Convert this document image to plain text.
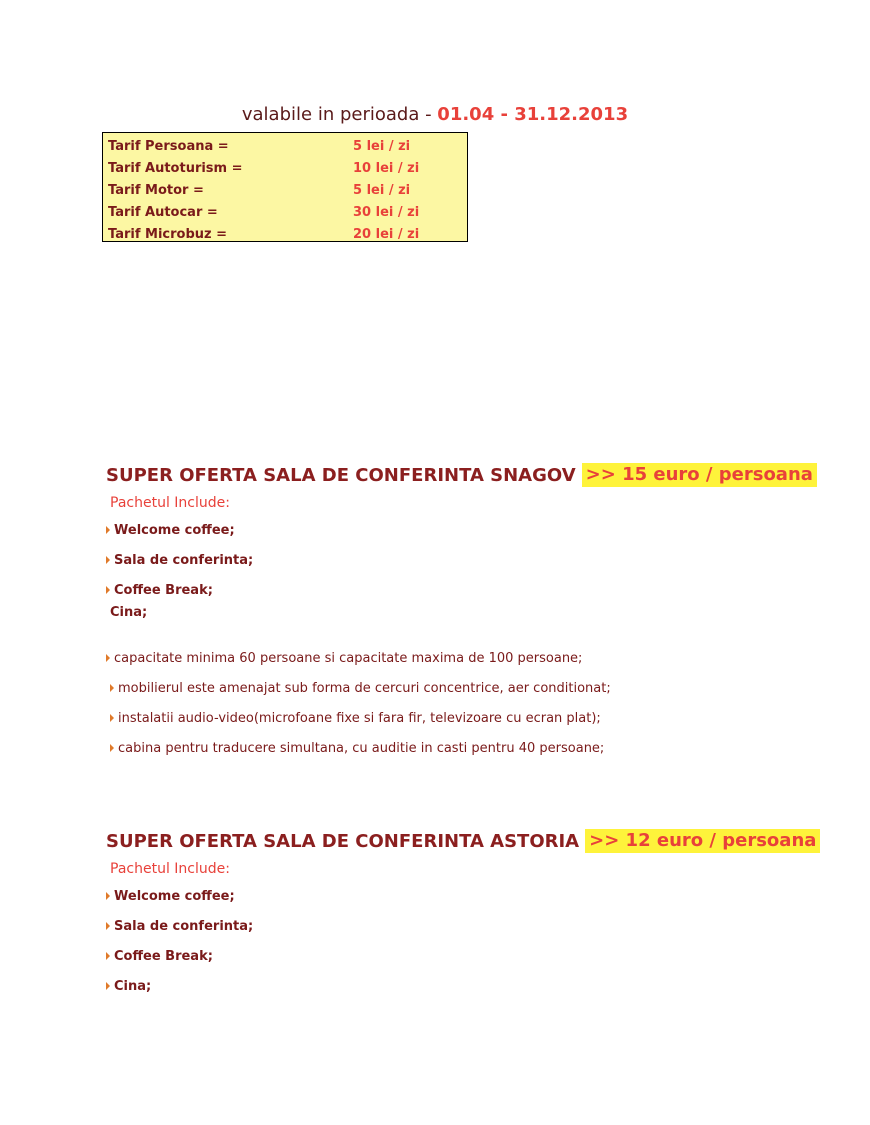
valabile in perioada - 01.04 - 31.12.2013
Tarif Persoana =	5 lei / zi
Tarif Autoturism =	10 lei / zi
Tarif Motor =	5 lei / zi
Tarif Autocar =	30 lei / zi
Tarif Microbuz =	20 lei / zi
SUPER OFERTA SALA DE CONFERINTA SNAGOV >> 15 euro / persoana
Pachetul Include:
Welcome coffee;
Sala de conferinta;
Coffee Break;
Cina;
capacitate minima 60 persoane si capacitate maxima de 100 persoane;
mobilierul este amenajat sub forma de cercuri concentrice, aer conditionat;
instalatii audio-video(microfoane fixe si fara fir, televizoare cu ecran plat);
cabina pentru traducere simultana, cu auditie in casti pentru 40 persoane;
SUPER OFERTA SALA DE CONFERINTA ASTORIA >> 12 euro / persoana
Pachetul Include:
Welcome coffee;
Sala de conferinta;
Coffee Break;
Cina;
